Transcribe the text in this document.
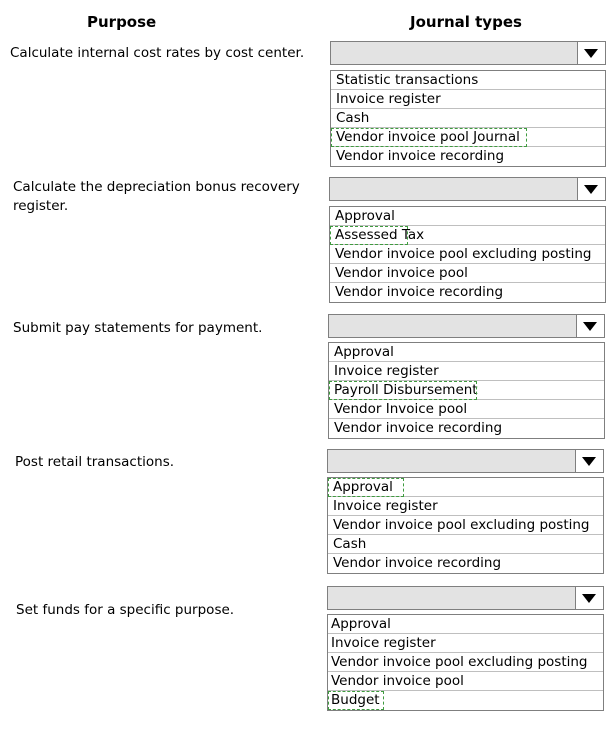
Purpose	Journal types
Calculate internal cost rates by cost center.
Statistic transactions
Invoice register
Cash
Vendor invoice pool Journal
Vendor invoice recording
Calculate the depreciation bonus recovery register.
Approval
Assessed Tax
Vendor invoice pool excluding posting
Vendor invoice pool
Vendor invoice recording
Submit pay statements for payment.
Approval
Invoice register
Payroll Disbursement
Vendor Invoice pool
Vendor invoice recording
Post retail transactions.
Approval
Invoice register
Vendor invoice pool excluding posting
Cash
Vendor invoice recording
Set funds for a specific purpose.
Approval
Invoice register
Vendor invoice pool excluding posting
Vendor invoice pool
Budget
